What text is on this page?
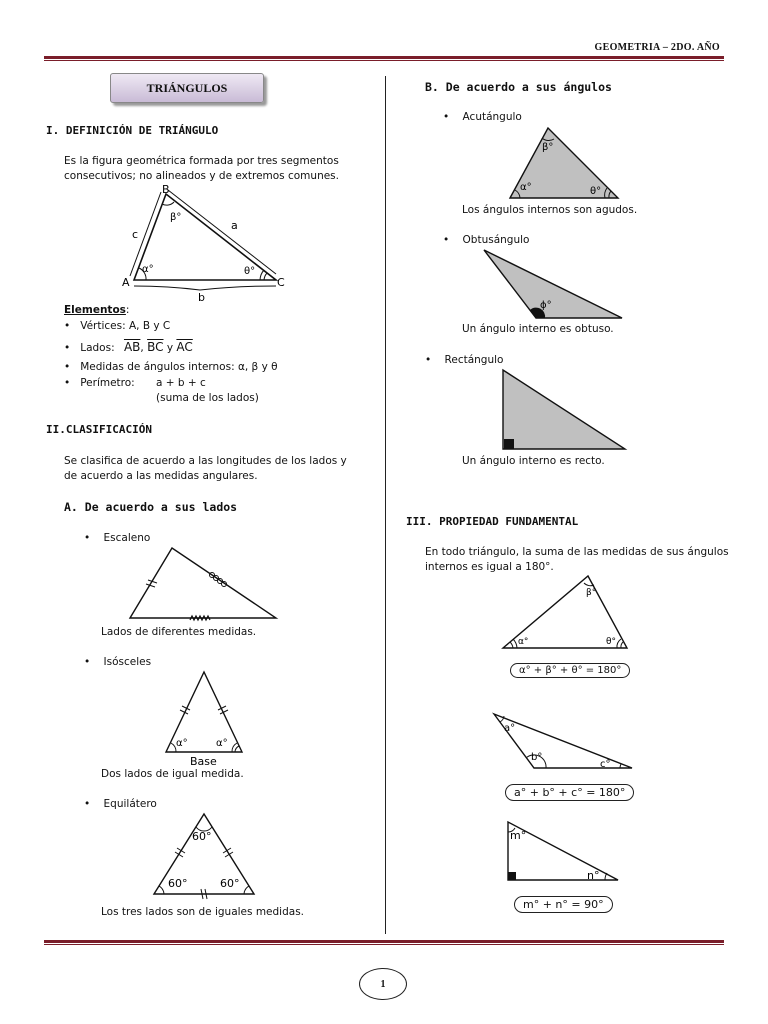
GEOMETRIA – 2DO. AÑO
TRIÁNGULOS
I. DEFINICIÓN DE TRIÁNGULO
Es la figura geométrica formada por tres segmentos
consecutivos; no alineados y de extremos comunes.
B
A	C
a
b
c
α°
β°
θ°
Elementos:
•   Vértices: A, B y C
•   Lados: $\overline{AB}$, $\overline{BC}$ y $\overline{AC}$
•   Medidas de ángulos internos: α, β y θ
•   Perímetro: a + b + c
(suma de los lados)
II.CLASIFICACIÓN
Se clasifica de acuerdo a las longitudes de los lados y
de acuerdo a las medidas angulares.
A. De acuerdo a sus lados
•    Escaleno
Lados de diferentes medidas.
•    Isósceles
α°	α°
Base
Dos lados de igual medida.
•    Equilátero
60°
60°	60°
Los tres lados son de iguales medidas.
B. De acuerdo a sus ángulos
•    Acutángulo
β°
α°	θ°
Los ángulos internos son agudos.
•    Obtusángulo
ϕ°
Un ángulo interno es obtuso.
•    Rectángulo
Un ángulo interno es recto.
III. PROPIEDAD FUNDAMENTAL
En todo triángulo, la suma de las medidas de sus ángulos
internos es igual a 180°.
β°
α°	θ°
α° + β° + θ° = 180°
a°
b°
c°
a° + b° + c° = 180°
m°
n°
m° + n° = 90°
1
